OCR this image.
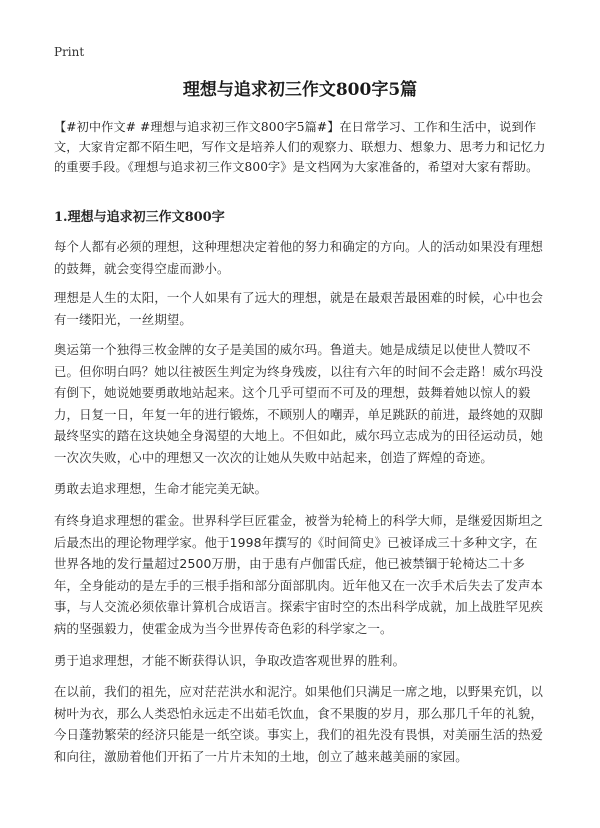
Print
理想与追求初三作文800字5篇

【#初中作文# #理想与追求初三作文800字5篇#】在日常学习、工作和生活中，说到作文，大家肯定都不陌生吧，写作文是培养人们的观察力、联想力、想象力、思考力和记忆力的重要手段。《理想与追求初三作文800字》是文档网为大家准备的，希望对大家有帮助。

1.理想与追求初三作文800字

每个人都有必须的理想，这种理想决定着他的努力和确定的方向。人的活动如果没有理想的鼓舞，就会变得空虚而渺小。

理想是人生的太阳，一个人如果有了远大的理想，就是在最艰苦最困难的时候，心中也会有一缕阳光，一丝期望。

奥运第一个独得三枚金牌的女子是美国的威尔玛。鲁道夫。她是成绩足以使世人赞叹不已。但你明白吗？她以往被医生判定为终身残废，以往有六年的时间不会走路！威尔玛没有倒下，她说她要勇敢地站起来。这个几乎可望而不可及的理想，鼓舞着她以惊人的毅力，日复一日，年复一年的进行锻炼，不顾别人的嘲弄，单足跳跃的前进，最终她的双脚最终坚实的踏在这块她全身渴望的大地上。不但如此，威尔玛立志成为的田径运动员，她一次次失败，心中的理想又一次次的让她从失败中站起来，创造了辉煌的奇迹。

勇敢去追求理想，生命才能完美无缺。

有终身追求理想的霍金。世界科学巨匠霍金，被誉为轮椅上的科学大师，是继爱因斯坦之后最杰出的理论物理学家。他于1998年撰写的《时间简史》已被译成三十多种文字，在世界各地的发行量超过2500万册，由于患有卢伽雷氏症，他已被禁锢于轮椅达二十多年，全身能动的是左手的三根手指和部分面部肌肉。近年他又在一次手术后失去了发声本事，与人交流必须依靠计算机合成语言。探索宇宙时空的杰出科学成就，加上战胜罕见疾病的坚强毅力，使霍金成为当今世界传奇色彩的科学家之一。

勇于追求理想，才能不断获得认识，争取改造客观世界的胜利。

在以前，我们的祖先，应对茫茫洪水和泥泞。如果他们只满足一席之地，以野果充饥，以树叶为衣，那么人类恐怕永远走不出茹毛饮血，食不果腹的岁月，那么那几千年的礼貌，今日蓬勃繁荣的经济只能是一纸空谈。事实上，我们的祖先没有畏惧，对美丽生活的热爱和向往，激励着他们开拓了一片片未知的土地，创立了越来越美丽的家园。
